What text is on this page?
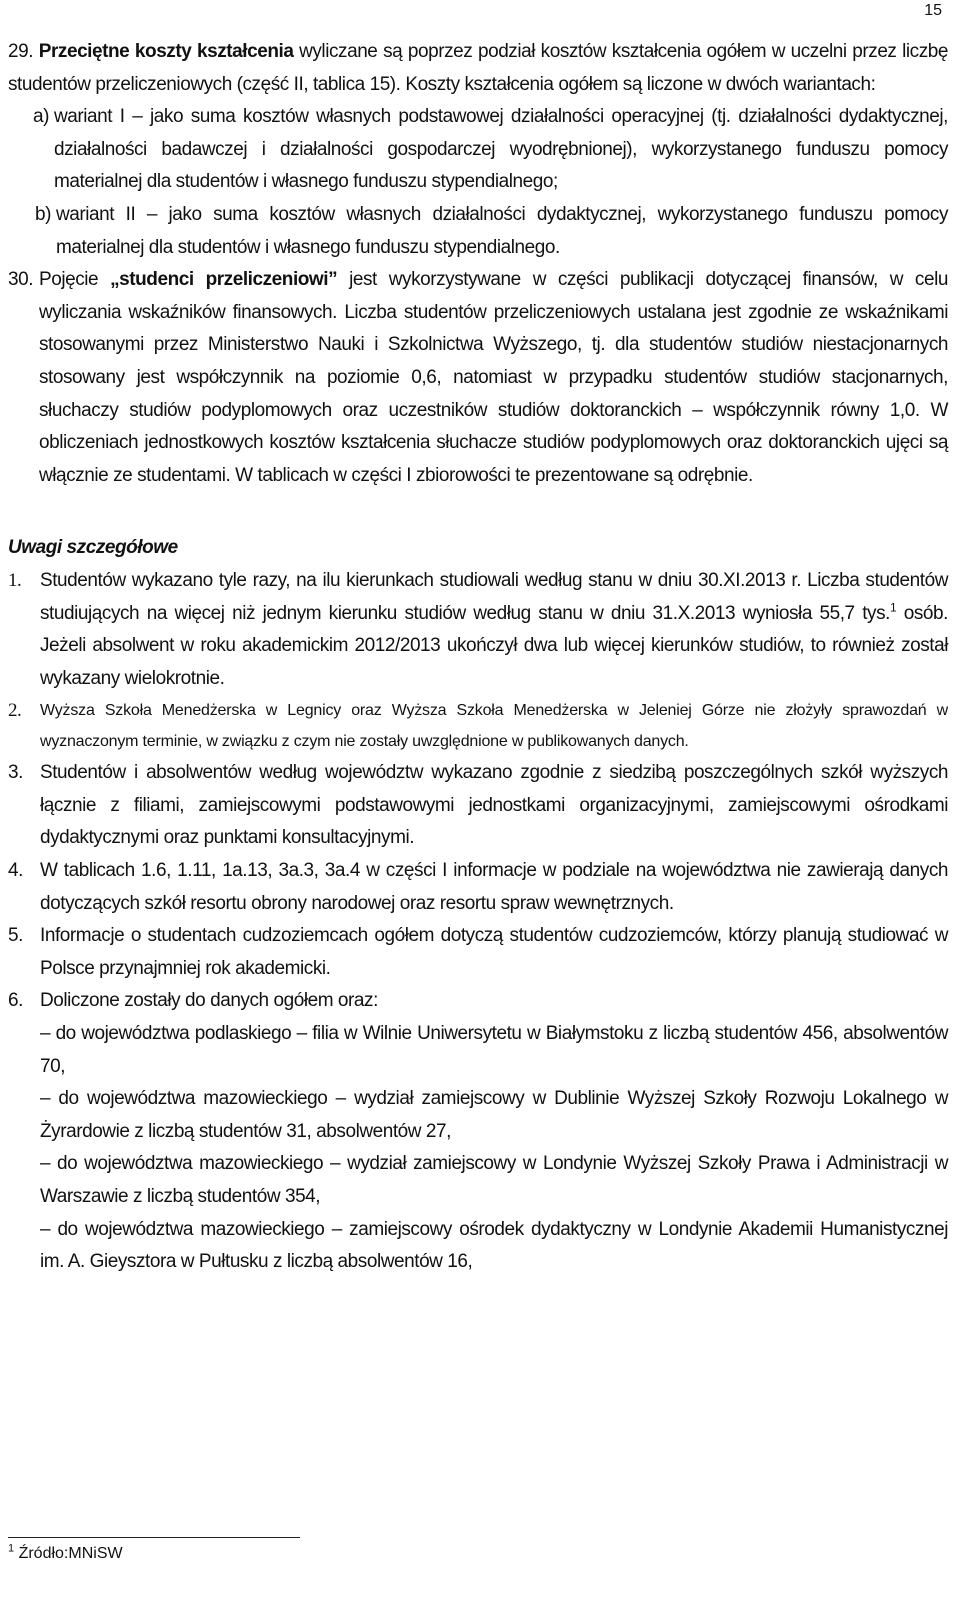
15

29. Przeciętne koszty kształcenia wyliczane są poprzez podział kosztów kształcenia ogółem w uczelni przez liczbę studentów przeliczeniowych (część II, tablica 15). Koszty kształcenia ogółem są liczone w dwóch wariantach:

a) wariant I – jako suma kosztów własnych podstawowej działalności operacyjnej (tj. działalności dydaktycznej, działalności badawczej i działalności gospodarczej wyodrębnionej), wykorzystanego funduszu pomocy materialnej dla studentów i własnego funduszu stypendialnego;
b) wariant II – jako suma kosztów własnych działalności dydaktycznej, wykorzystanego funduszu pomocy materialnej dla studentów i własnego funduszu stypendialnego.
30. Pojęcie „studenci przeliczeniowi” jest wykorzystywane w części publikacji dotyczącej finansów, w celu wyliczania wskaźników finansowych. Liczba studentów przeliczeniowych ustalana jest zgodnie ze wskaźnikami stosowanymi przez Ministerstwo Nauki i Szkolnictwa Wyższego, tj. dla studentów studiów niestacjonarnych stosowany jest współczynnik na poziomie 0,6, natomiast w przypadku studentów studiów stacjonarnych, słuchaczy studiów podyplomowych oraz uczestników studiów doktoranckich – współczynnik równy 1,0. W obliczeniach jednostkowych kosztów kształcenia słuchacze studiów podyplomowych oraz doktoranckich ujęci są włącznie ze studentami. W tablicach w części I zbiorowości te prezentowane są odrębnie.
Uwagi szczegółowe
1. Studentów wykazano tyle razy, na ilu kierunkach studiowali według stanu w dniu 30.XI.2013 r. Liczba studentów studiujących na więcej niż jednym kierunku studiów według stanu w dniu 31.X.2013 wyniosła 55,7 tys.$^1$ osób. Jeżeli absolwent w roku akademickim 2012/2013 ukończył dwa lub więcej kierunków studiów, to również został wykazany wielokrotnie.
2.	Wyższa Szkoła Menedżerska w Legnicy oraz Wyższa Szkoła Menedżerska w Jeleniej Górze nie złożyły sprawozdań w wyznaczonym terminie, w związku z czym nie zostały uwzględnione w publikowanych danych.
3. Studentów i absolwentów według województw wykazano zgodnie z siedzibą poszczególnych szkół wyższych łącznie z filiami, zamiejscowymi podstawowymi jednostkami organizacyjnymi, zamiejscowymi ośrodkami dydaktycznymi oraz punktami konsultacyjnymi.
4. W tablicach 1.6, 1.11, 1a.13, 3a.3, 3a.4 w części I informacje w podziale na województwa nie zawierają danych dotyczących szkół resortu obrony narodowej oraz resortu spraw wewnętrznych.
5. Informacje o studentach cudzoziemcach ogółem dotyczą studentów cudzoziemców, którzy planują studiować w Polsce przynajmniej rok akademicki.
6. Doliczone zostały do danych ogółem oraz:

– do województwa podlaskiego – filia w Wilnie Uniwersytetu w Białymstoku z liczbą studentów 456, absolwentów 70,

– do województwa mazowieckiego – wydział zamiejscowy w Dublinie Wyższej Szkoły Rozwoju Lokalnego w Żyrardowie z liczbą studentów 31, absolwentów 27,

– do województwa mazowieckiego – wydział zamiejscowy w Londynie Wyższej Szkoły Prawa i Administracji w Warszawie z liczbą studentów 354,

– do województwa mazowieckiego – zamiejscowy ośrodek dydaktyczny w Londynie Akademii Humanistycznej im. A. Gieysztora w Pułtusku z liczbą absolwentów 16,

$^1$ Źródło:MNiSW
